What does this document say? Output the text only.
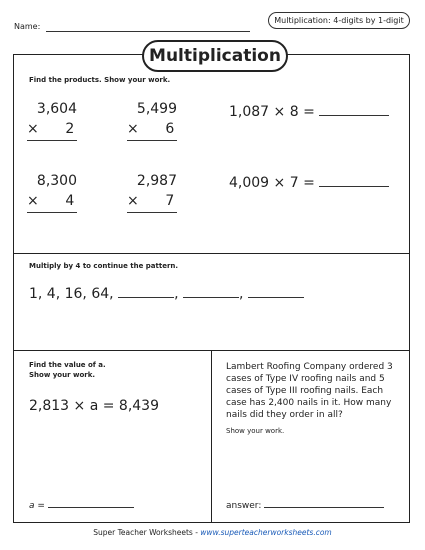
Name:
Multiplication: 4-digits by 1-digit
Multiplication
Find the products. Show your work.
3,604
×      2
5,499
×      6
8,300
×      4
2,987
×      7
1,087 × 8 =
4,009 × 7 =
Multiply by 4 to continue the pattern.
1, 4, 16, 64,	,	,
Find the value of a.
Show your work.
2,813 × a = 8,439
a =
Lambert Roofing Company ordered 3 cases of Type IV roofing nails and 5 cases of Type III roofing nails. Each case has 2,400 nails in it. How many nails did they order in all?
Show your work.
answer:
Super Teacher Worksheets - www.superteacherworksheets.com
